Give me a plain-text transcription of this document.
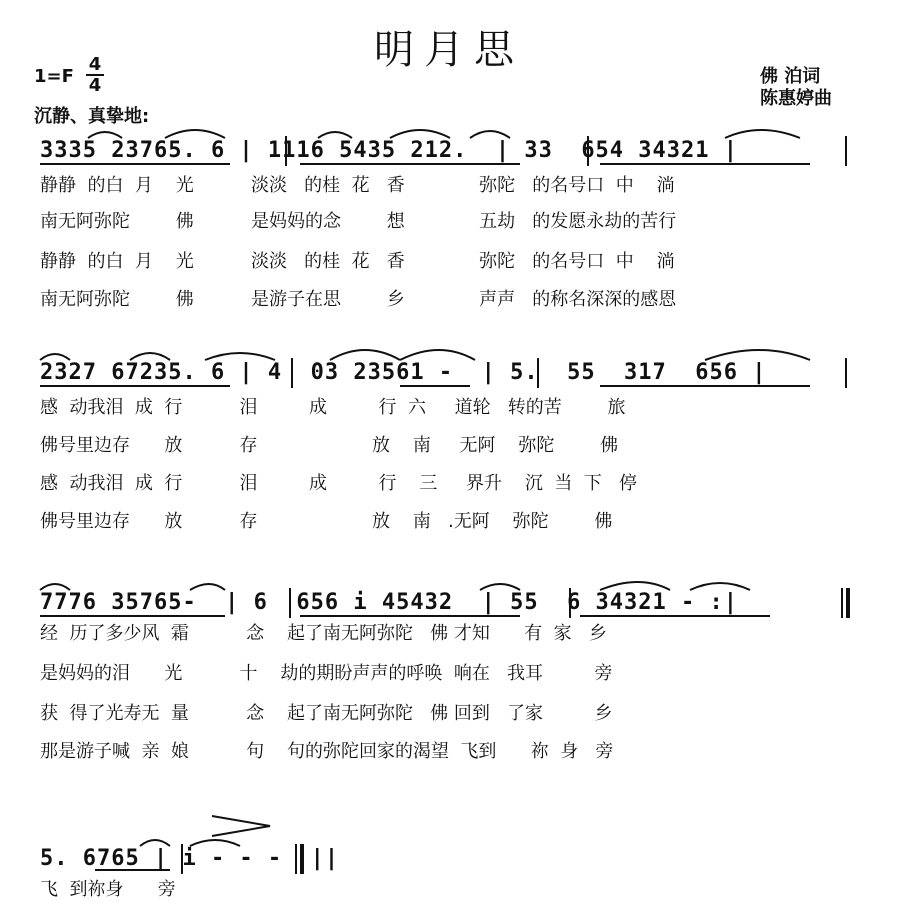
明月思
佛 泊词
陈惠婷曲
1=F
4
4
沉静、真挚地:
3335 23765. 6 | 1116 5435 212.  | 33  654 34321 |
静静  的白  月    光          淡淡   的桂  花   香             弥陀   的名号口  中    淌
南无阿弥陀        佛          是妈妈的念        想             五劫   的发愿永劫的苦行
静静  的白  月    光          淡淡   的桂  花   香             弥陀   的名号口  中    淌
南无阿弥陀        佛          是游子在思        乡             声声   的称名深深的感恩
2327 67235. 6 | 4  03 23561 -  | 5.  55  317  656 |
感  动我泪  成  行          泪         成         行  六     道轮   转的苦        旅
佛号里边存      放          存                    放    南     无阿    弥陀        佛
感  动我泪  成  行          泪         成         行    三     界升    沉  当  下   停
佛号里边存      放          存                    放    南   .无阿    弥陀        佛
7776 35765-  | 6  656 i 45432  | 55  6 34321 - :|
经  历了多少风  霜          念    起了南无阿弥陀   佛 才知      有  家   乡
是妈妈的泪      光          十    劫的期盼声声的呼唤  响在   我耳         旁
获  得了光寿无  量          念    起了南无阿弥陀   佛 回到   了家         乡
那是游子喊  亲  娘          句    句的弥陀回家的渴望  飞到      祢  身   旁
5. 6765 | i - - -  ||
飞  到祢身      旁
